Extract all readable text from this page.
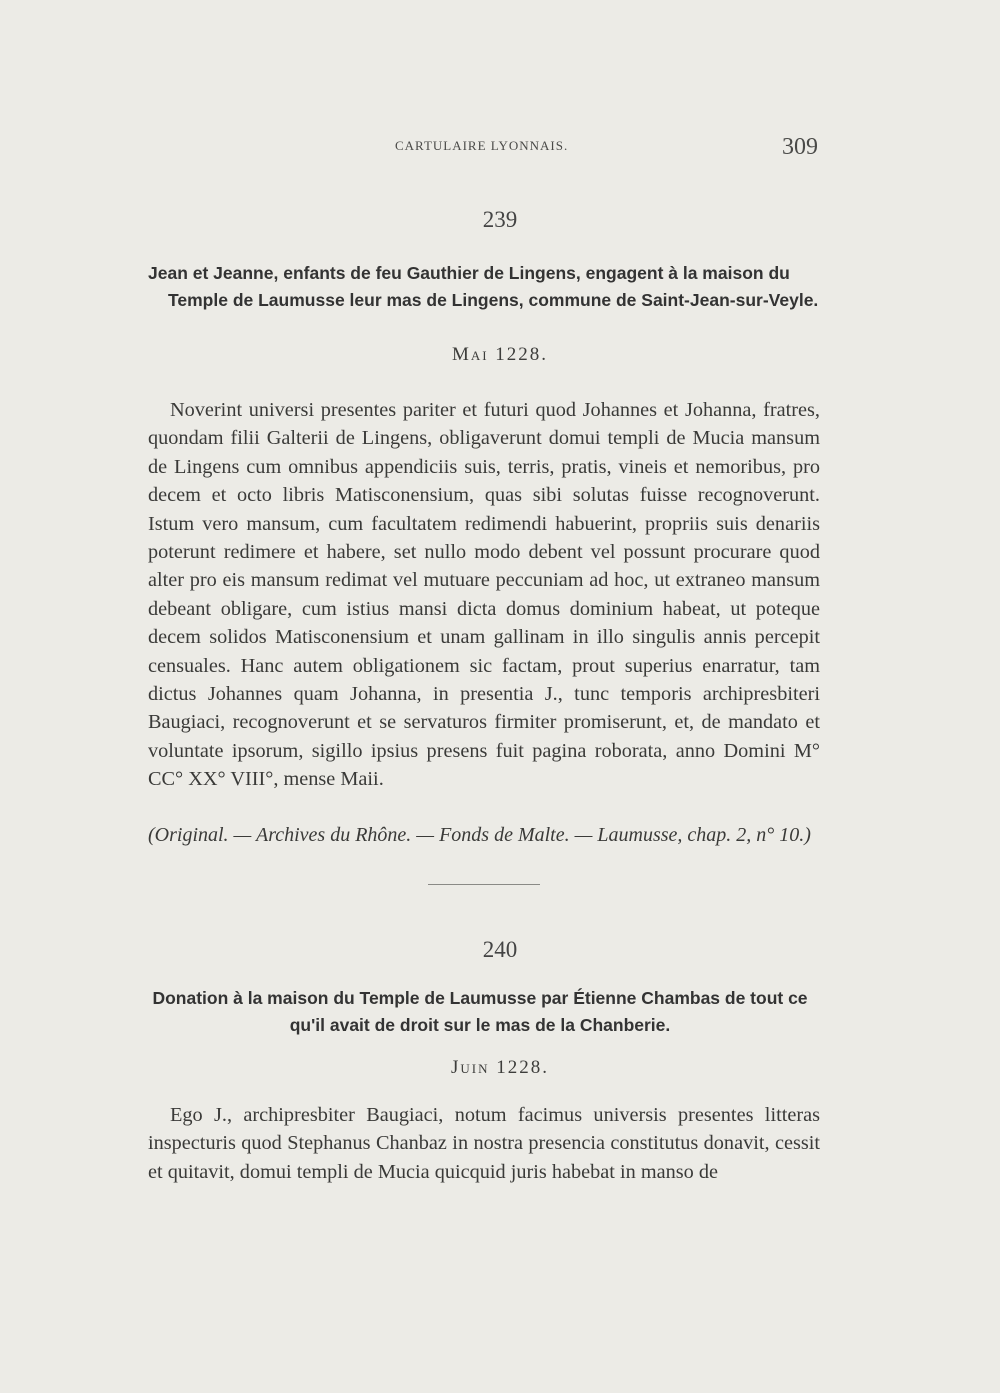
CARTULAIRE LYONNAIS.	309
239
Jean et Jeanne, enfants de feu Gauthier de Lingens, engagent à la maison du Temple de Laumusse leur mas de Lingens, commune de Saint-Jean-sur-Veyle.
Mai 1228.
Noverint universi presentes pariter et futuri quod Johannes et Johanna, fratres, quondam filii Galterii de Lingens, obligaverunt domui templi de Mucia mansum de Lingens cum omnibus appendiciis suis, terris, pratis, vineis et nemoribus, pro decem et octo libris Matisconensium, quas sibi solutas fuisse recognoverunt. Istum vero mansum, cum facultatem redimendi habuerint, propriis suis denariis poterunt redimere et habere, set nullo modo debent vel possunt procurare quod alter pro eis mansum redimat vel mutuare peccuniam ad hoc, ut extraneo mansum debeant obligare, cum istius mansi dicta domus dominium habeat, ut poteque decem solidos Matisconensium et unam gallinam in illo singulis annis percepit censuales. Hanc autem obligationem sic factam, prout superius enarratur, tam dictus Johannes quam Johanna, in presentia J., tunc temporis archipresbiteri Baugiaci, recognoverunt et se servaturos firmiter promiserunt, et, de mandato et voluntate ipsorum, sigillo ipsius presens fuit pagina roborata, anno Domini M° CC° XX° VIII°, mense Maii.
(Original. — Archives du Rhône. — Fonds de Malte. — Laumusse, chap. 2, n° 10.)
240
Donation à la maison du Temple de Laumusse par Étienne Chambas de tout ce qu'il avait de droit sur le mas de la Chanberie.
Juin 1228.
Ego J., archipresbiter Baugiaci, notum facimus universis presentes litteras inspecturis quod Stephanus Chanbaz in nostra presencia constitutus donavit, cessit et quitavit, domui templi de Mucia quicquid juris habebat in manso de
